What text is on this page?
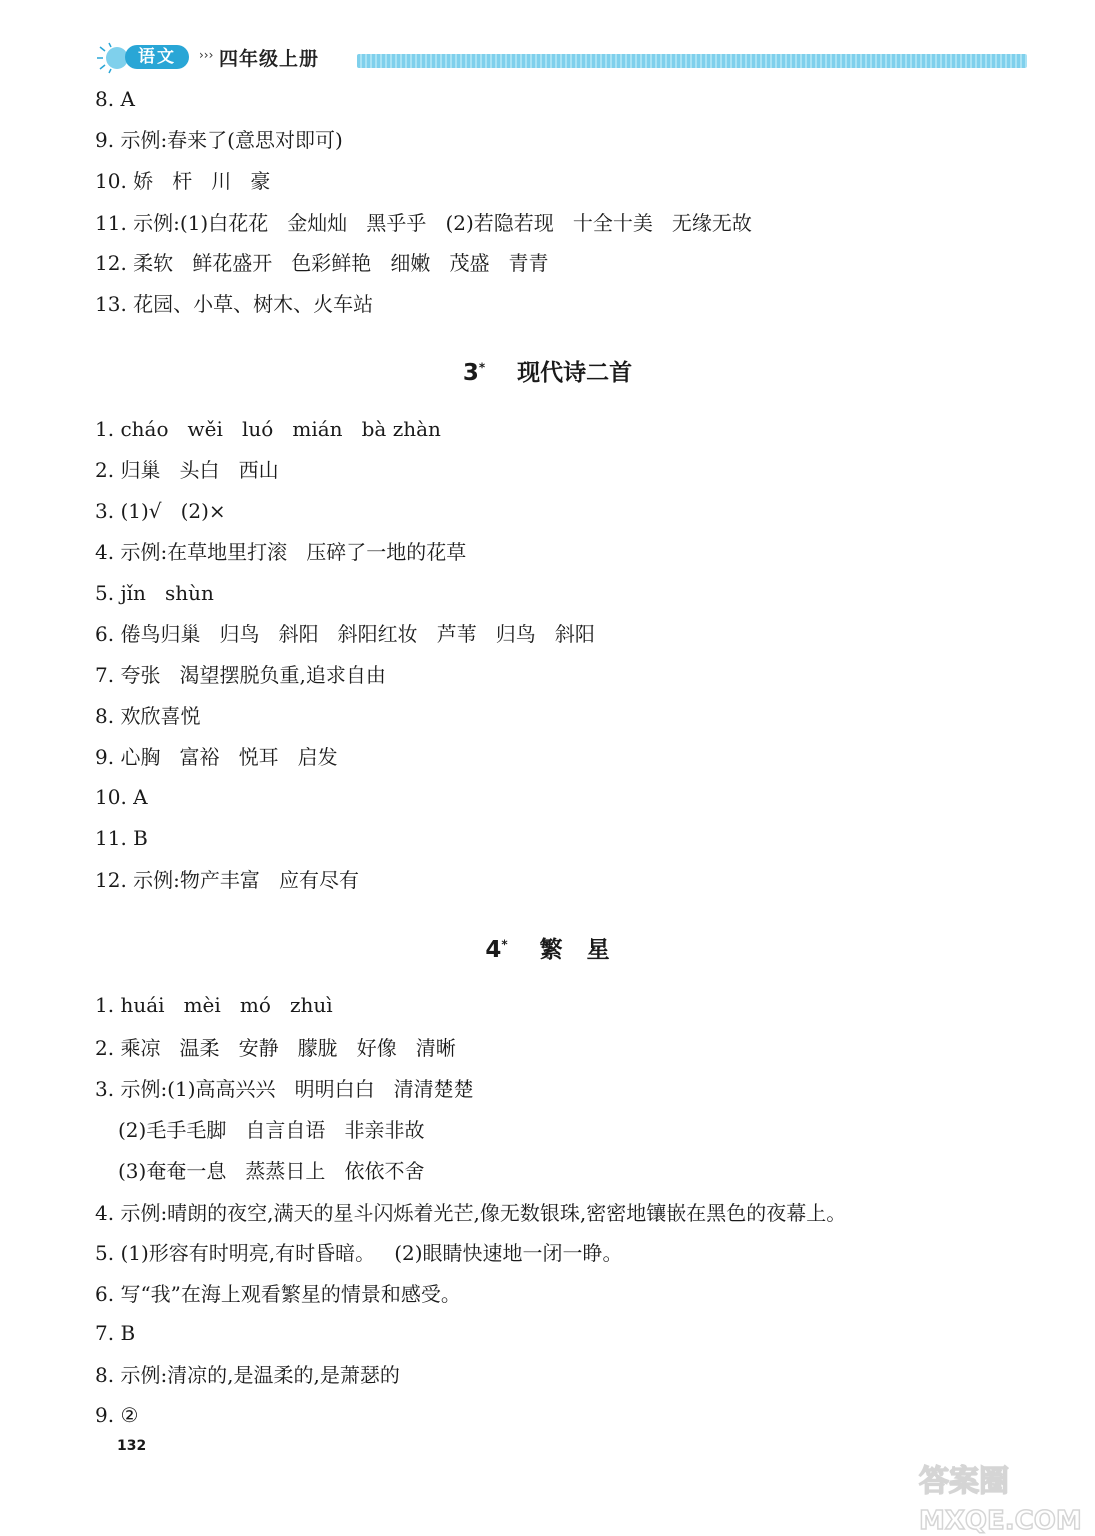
语文	››› 四年级上册
8. A
9. 示例:春来了(意思对即可)
10. 娇   杆   川   豪
11. 示例:(1)白花花   金灿灿   黑乎乎   (2)若隐若现   十全十美   无缘无故
12. 柔软   鲜花盛开   色彩鲜艳   细嫩   茂盛   青青
13. 花园、小草、树木、火车站
3* 现代诗二首
1. cháo   wěi   luó   mián   bà zhàn
2. 归巢   头白   西山
3. (1)√   (2)×
4. 示例:在草地里打滚   压碎了一地的花草
5. jǐn   shùn
6. 倦鸟归巢   归鸟   斜阳   斜阳红妆   芦苇   归鸟   斜阳
7. 夸张   渴望摆脱负重,追求自由
8. 欢欣喜悦
9. 心胸   富裕   悦耳   启发
10. A
11. B
12. 示例:物产丰富   应有尽有
4* 繁   星
1. huái   mèi   mó   zhuì
2. 乘凉   温柔   安静   朦胧   好像   清晰
3. 示例:(1)高高兴兴   明明白白   清清楚楚
(2)毛手毛脚   自言自语   非亲非故
(3)奄奄一息   蒸蒸日上   依依不舍
4. 示例:晴朗的夜空,满天的星斗闪烁着光芒,像无数银珠,密密地镶嵌在黑色的夜幕上。
5. (1)形容有时明亮,有时昏暗。   (2)眼睛快速地一闭一睁。
6. 写“我”在海上观看繁星的情景和感受。
7. B
8. 示例:清凉的,是温柔的,是萧瑟的
9. ②
132
答案圈
MXQE.COM
